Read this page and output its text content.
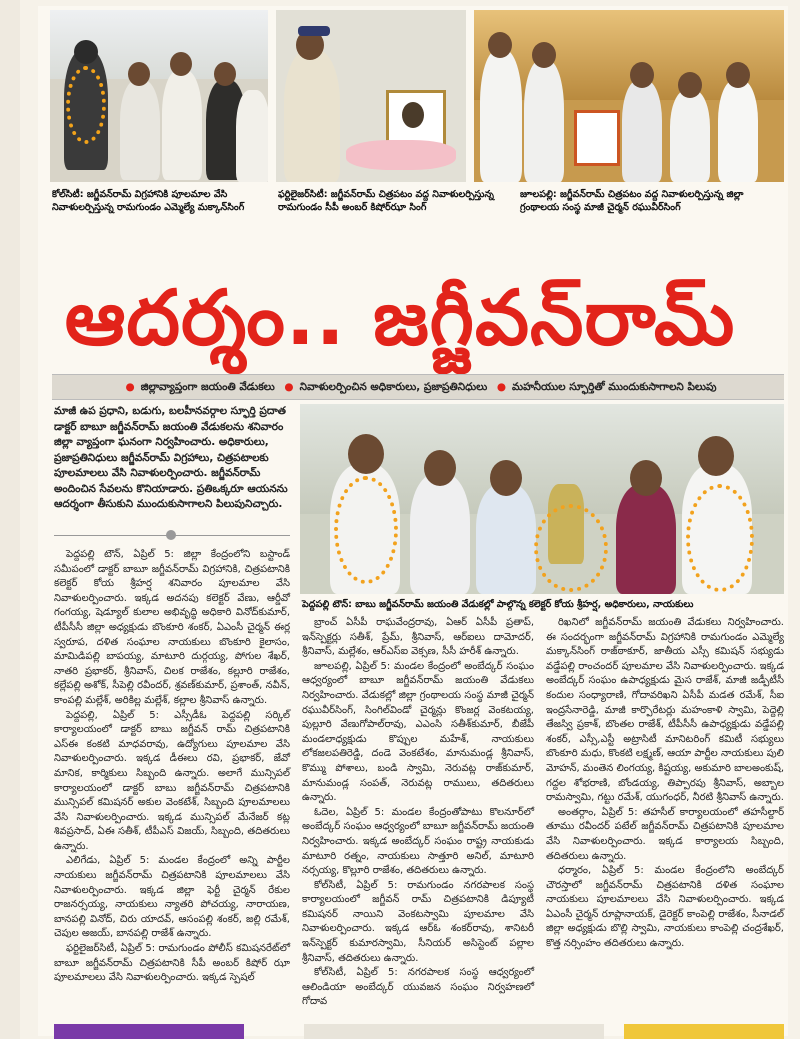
కోల్‌సిటీ: జగ్జీవన్‌రామ్ విగ్రహానికి పూలమాల వేసి నివాళులర్పిస్తున్న రామగుండం ఎమ్మెల్యే మక్కాన్‌సింగ్
ఫర్టిలైజర్‌సిటీ: జగ్జీవన్‌రామ్ చిత్రపటం వద్ద నివాళులర్పిస్తున్న రామగుండం సీపీ అంబర్ కిషోర్‌ఝా సింగ్
జూలపల్లి: జగ్జీవన్‌రామ్ చిత్రపటం వద్ద నివాళులర్పిస్తున్న జిల్లా గ్రంథాలయ సంస్థ మాజీ చైర్మన్ రఘువీర్‌సింగ్
ఆదర్శం.. జగ్జీవన్‌రామ్
● జిల్లావ్యాప్తంగా జయంతి వేడుకలు ● నివాళులర్పించిన అధికారులు, ప్రజాప్రతినిధులు ● మహనీయుల స్ఫూర్తితో ముందుకుసాగాలని పిలుపు
మాజీ ఉప ప్రధాని, బడుగు, బలహీనవర్గాల స్ఫూర్తి ప్రదాత డాక్టర్ బాబూ జగ్జీవన్‌రామ్ జయంతి వేడుకలను శనివారం జిల్లా వ్యాప్తంగా ఘనంగా నిర్వహించారు. అధికారులు, ప్రజాప్రతినిధులు జగ్జీవన్‌రామ్ విగ్రహాలు, చిత్రపటాలకు పూలమాలలు వేసి నివాళులర్పించారు. జగ్జీవన్‌రామ్ అందించిన సేవలను కొనియాడారు. ప్రతిఒక్కరూ ఆయనను ఆదర్శంగా తీసుకుని ముందుకుసాగాలని పిలుపునిచ్చారు.
పెద్దపల్లి టౌన్: బాబు జగ్జీవన్‌రామ్ జయంతి వేడుకల్లో పాల్గొన్న కలెక్టర్ కోయ శ్రీహర్ష, అధికారులు, నాయకులు

పెద్దపల్లి టౌన్, ఏప్రిల్ 5: జిల్లా కేంద్రంలోని బస్టాండ్ సమీపంలో డాక్టర్ బాబూ జగ్జీవన్‌రామ్ విగ్రహానికి, చిత్రపటానికి కలెక్టర్ కోయ శ్రీహర్ష శనివారం పూలమాల వేసి నివాళులర్పించారు. ఇక్కడ అదనపు కలెక్టర్ వేణు, ఆర్డీవో గంగయ్య, షెడ్యూల్ కులాల అభివృద్ధి అధికారి వినోద్‌కుమార్, టీపీసీసీ జిల్లా అధ్యక్షుడు బొంకూరి శంకర్, ఏఎంసీ చైర్మన్ ఈర్ల స్వరూప, దళిత సంఘాల నాయకులు బొంకూరి కైలాసం, మామిడిపల్లి బాపయ్య, మాటూరి దుర్గయ్య, పోగుల శేఖర్, నాతరి ప్రభాకర్, శ్రీనివాస్, చిలక రాజేశం, కల్లూరి రాజేశం, కల్లేపల్లి అశోక్, సీపెల్లి రవీందర్, శ్రవణ్‌కుమార్, ప్రశాంత్, నవీన్, కాంపల్లి మల్లేశ్, అరికిల్ల మల్లేశ్, కల్లాల శ్రీనివాస్ ఉన్నారు.

పెద్దపల్లి, ఏప్రిల్ 5: ఎస్సీడీఓ పెద్దపల్లి సర్కిల్ కార్యాలయంలో డాక్టర్ బాబు జగ్జీవన్ రామ్ చిత్రపటానికి ఎస్‌ఈ కంకటి మాధవరావు, ఉద్యోగులు పూలమాల వేసి నివాళులర్పించారు. ఇక్కడ డీఈలు రవి, ప్రభాకర్, జేవో మానిక, కార్మికులు సిబ్బంది ఉన్నారు. అలాగే మున్సిపల్ కార్యాలయంలో డాక్టర్ బాబు జగ్జీవన్‌రామ్ చిత్రపటానికి మున్సిపల్ కమిషనర్ అకుల వెంకటేశ్, సిబ్బంది పూలమాలలు వేసి నివాళులర్పించారు. ఇక్కడ మున్సిపల్ మేనేజర్ కట్ల శివప్రసాద్, ఏఈ సతీశ్, టీపీఎస్ విజయ్, సిబ్బంది, తదితరులు ఉన్నారు.

ఎలిగేడు, ఏప్రిల్ 5: మండల కేంద్రంలో అన్ని పార్టీల నాయకులు జగ్జీవన్‌రామ్ చిత్రపటానికి పూలమాలలు వేసి నివాళులర్పించారు. ఇక్కడ జిల్లా ఫెర్టీ చైర్మన్ రేకుల రాజనర్సయ్య, నాయకులు న్యాతరి పోచయ్య, నారాయణ, బానపల్లి వినోద్, చిరు యాదవ్, ఆసంపల్లి శంకర్, జల్లి రమేశ్, చెపుల అజయ్, బానపల్లి రాజేశ్ ఉన్నారు.

ఫర్టిలైజర్‌సిటీ, ఏప్రిల్ 5: రామగుండం పోలీస్ కమిషనరేట్‌లో బాబూ జగ్జీవన్‌రామ్ చిత్రపటానికి సీపీ అంబర్ కిషోర్ ఝా పూలమాలలు వేసి నివాళులర్పించారు. ఇక్కడ స్పెషల్

బ్రాంచ్ ఏసీపీ రాఘవేంద్రరావు, ఏఆర్ ఏసీపీ ప్రతాప్, ఇన్‌స్పెక్టర్లు సతీశ్, ప్రేమ్, శ్రీనివాస్, ఆర్ఐలు దామోదర్, శ్రీనివాస్, మల్లేశం, ఆర్ఎస్ఐ వెక్సణ, సీసీ హరీశ్ ఉన్నారు.

జూలపల్లి, ఏప్రిల్ 5: మండల కేంద్రంలో అంబేద్కర్ సంఘం ఆధ్వర్యంలో బాబూ జగ్జీవన్‌రామ్ జయంతి వేడుకలు నిర్వహించారు. వేడుకల్లో జిల్లా గ్రంథాలయ సంస్థ మాజీ చైర్మన్ రఘువీర్‌సింగ్, సింగిల్‌విండో చైర్మన్లు కొంజర్ల వెంకటయ్య, పుల్లూరి వేణుగోపాల్‌రావు, ఎఎంసి సతీశ్‌కుమార్, బీజేపీ మండలాధ్యక్షుడు కొప్పుల మహేశ్, నాయకులు లోకజలపతిరెడ్డి, దండె వెంకటేశం, మానుమండ్ల శ్రీనివాస్, కొమ్ము పోశాలు, బండి స్వామి, నెరువట్ల రాజ్‌కుమార్, మానుమండ్ల సంపత్, నెరువట్ల రాములు, తదితరులు ఉన్నారు.

ఓదెల, ఏప్రిల్ 5: మండల కేంద్రంతోపాటు కొలనూర్‌లో అంబేద్కర్ సంఘం ఆధ్వర్యంలో బాబూ జగ్జీవన్‌రామ్ జయంతి నిర్వహించారు. ఇక్కడ అంబేద్కర్ సంఘం రాష్ట్ర నాయకుడు మాటూరి రత్నం, నాయకులు సాత్తూరి అనిల్, మాటూరి నర్సయ్య, కొల్లూరి రాజేశం, తదితరులు ఉన్నారు.

కోల్‌సిటీ, ఏప్రిల్ 5: రామగుండం నగరపాలక సంస్థ కార్యాలయంలో జగ్జీవన్ రామ్ చిత్రపటానికి డిప్యూటీ కమిషనర్ నాయిని వెంకటస్వామి పూలమాల వేసి నివాళులర్పించారు. ఇక్కడ ఆర్‌ఓ శంకర్‌రావు, శానిటరీ ఇన్‌స్పెక్టర్ కుమారస్వామి, సీనియర్ అసిస్టెంట్ పల్లాల శ్రీనివాస్, తదితరులు ఉన్నారు.

కోల్‌సిటీ, ఏప్రిల్ 5: నగరపాలక సంస్థ ఆధ్వర్యంలో ఆలిండియా అంబేద్కర్ యువజన సంఘం నిర్వహణలో గోదావ

రిఖనిలో జగ్జీవన్‌రామ్ జయంతి వేడుకలు నిర్వహించారు. ఈ సందర్భంగా జగ్జీవన్‌రామ్ విగ్రహానికి రామగుండం ఎమ్మెల్యే మక్కాన్‌సింగ్ రాజ్‌ఠాకూర్, జాతీయ ఎస్సీ కమిషన్ సభ్యుడు వడ్డేపల్లి రాంచందర్ పూలమాల వేసి నివాళులర్పించారు. ఇక్కడ అంబేద్కర్ సంఘం ఉపాధ్యక్షుడు మైస రాజేశ్, మాజీ జడ్పీటీసీ కందుల సంధ్యారాణి, గోదావరిఖని ఏసీపీ మడత రమేశ్, సీఐ ఇంద్రసేనారెడ్డి, మాజీ కార్పొరేటర్లు మహంకాళి స్వామి, పెద్దెల్లి తేజస్వి ప్రకాశ్, బొంతల రాజేశ్, టీపీసీసీ ఉపాధ్యక్షుడు వడ్డేపల్లి శంకర్, ఎస్సీ,ఎస్టీ అట్రాసిటీ మానిటరింగ్ కమిటీ సభ్యులు బొంకూరి మధు, కొంకటి లక్ష్మణ్, ఆయా పార్టీల నాయకులు పులి మోహన్, మంతెన లింగయ్య, కిష్టయ్య, అకుమారి బాలఅంకుష్, గద్దల శోభరాణి, బోండయ్య, తిప్పారపు శ్రీనివాస్, అబ్బాల రామస్వామి, గట్టు రమేశ్, యుగంధర్, నీరటి శ్రీనివాస్ ఉన్నారు.

అంతర్గాం, ఏప్రిల్ 5: తహసీల్ కార్యాలయంలో తహసీల్దార్ తూము రవీందర్ పటేల్ జగ్జీవన్‌రామ్ చిత్రపటానికి పూలమాల వేసి నివాళులర్పించారు. ఇక్కడ కార్యాలయ సిబ్బంది, తదితరులు ఉన్నారు.

ధర్మారం, ఏప్రిల్ 5: మండల కేంద్రంలోని అంబేద్కర్ చౌరస్తాలో జగ్జీవన్‌రామ్ చిత్రపటానికి దళిత సంఘాల నాయకులు పూలమాలలు వేసి నివాళులర్పించారు. ఇక్కడ ఏఎంసీ చైర్మన్ రూప్లానాయక్, డైరెక్టర్ కాంపెల్లి రాజేశం, సీనాడల్ జిల్లా అధ్యక్షుడు బొల్లి స్వామి, నాయకులు కాంపెల్లి చంద్రశేఖర్, కొత్త నర్సింహం తదితరులు ఉన్నారు.
